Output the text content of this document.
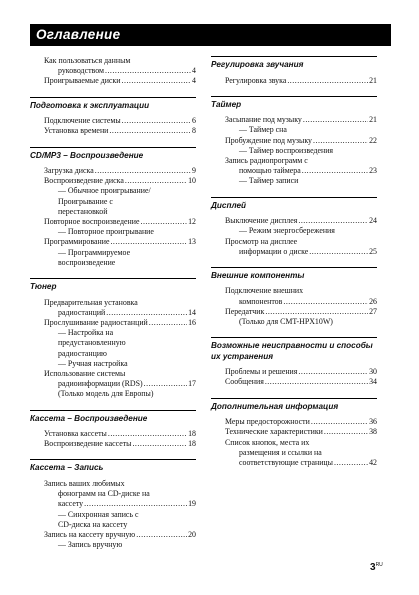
Оглавление
Как пользоваться данным
руководством .....	4
Проигрываемые диски .....	4
Подготовка к эксплуатации
Подключение системы .....	6
Установка времени .....	8
CD/MP3 – Воспроизведение
Загрузка диска .....	9
Воспроизведение диска .....	10
— Обычное проигрывание/
Проигрывание с
перестановкой
Повторное воспроизведение .....	12
— Повторное проигрывание
Программирование .....	13
— Программируемое
воспроизведение
Тюнер
Предварительная установка
радиостанций .....	14
Прослушивание радиостанций .....	16
— Настройка на
предустановленную
радиостанцию
— Ручная настройка
Использование системы
радиоинформации (RDS) .....	17
(Только модель для Европы)
Кассета – Воспроизведение
Установка кассеты .....	18
Воспроизведение кассеты .....	18
Кассета – Запись
Запись ваших любимых
фонограмм на CD-диске на
кассету .....	19
— Синхронная запись с
CD-диска на кассету
Запись на кассету вручную .....	20
— Запись вручную
Регулировка звучания
Регулировка звука .....	21
Таймер
Засыпание под музыку .....	21
— Таймер сна
Пробуждение под музыку .....	22
— Таймер воспроизведения
Запись радиопрограмм с
помощью таймера .....	23
— Таймер записи
Дисплей
Выключение дисплея .....	24
— Режим энергосбережения
Просмотр на дисплее
информации о диске .....	25
Внешние компоненты
Подключение внешних
компонентов .....	26
Передатчик .....	27
(Только для CMT-HPX10W)
Возможные неисправности и способы их устранения
Проблемы и решения .....	30
Сообщения .....	34
Дополнительная информация
Меры предосторожности .....	36
Технические характеристики .....	38
Список кнопок, места их
размещения и ссылки на
соответствующие страницы .....	42
$3^{RU}$
